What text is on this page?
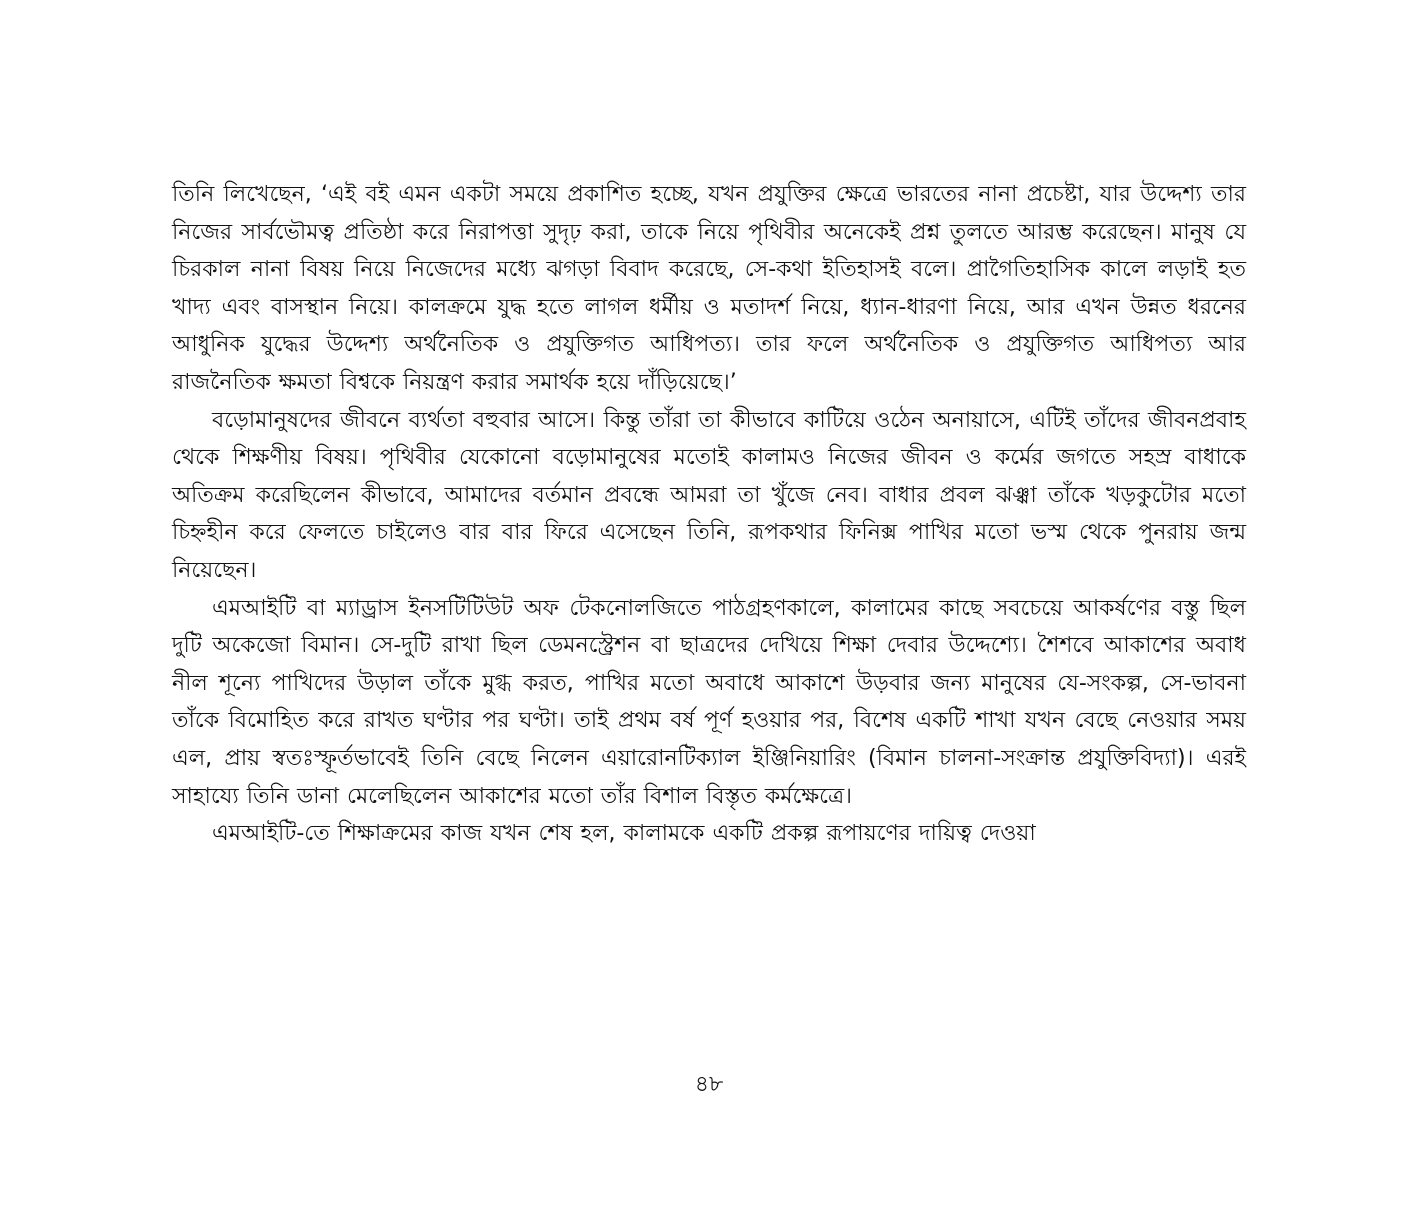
তিনি লিখেছেন, ‘এই বই এমন একটা সময়ে প্রকাশিত হচ্ছে, যখন প্রযুক্তির ক্ষেত্রে ভারতের নানা প্রচেষ্টা, যার উদ্দেশ্য তার নিজের সার্বভৌমত্ব প্রতিষ্ঠা করে নিরাপত্তা সুদৃঢ় করা, তাকে নিয়ে পৃথিবীর অনেকেই প্রশ্ন তুলতে আরম্ভ করেছেন। মানুষ যে চিরকাল নানা বিষয় নিয়ে নিজেদের মধ্যে ঝগড়া বিবাদ করেছে, সে-কথা ইতিহাসই বলে। প্রাগৈতিহাসিক কালে লড়াই হত খাদ্য এবং বাসস্থান নিয়ে। কালক্রমে যুদ্ধ হতে লাগল ধর্মীয় ও মতাদর্শ নিয়ে, ধ্যান-ধারণা নিয়ে, আর এখন উন্নত ধরনের আধুনিক যুদ্ধের উদ্দেশ্য অর্থনৈতিক ও প্রযুক্তিগত আধিপত্য। তার ফলে অর্থনৈতিক ও প্রযুক্তিগত আধিপত্য আর রাজনৈতিক ক্ষমতা বিশ্বকে নিয়ন্ত্রণ করার সমার্থক হয়ে দাঁড়িয়েছে।’

বড়োমানুষদের জীবনে ব্যর্থতা বহুবার আসে। কিন্তু তাঁরা তা কীভাবে কাটিয়ে ওঠেন অনায়াসে, এটিই তাঁদের জীবনপ্রবাহ থেকে শিক্ষণীয় বিষয়। পৃথিবীর যেকোনো বড়োমানুষের মতোই কালামও নিজের জীবন ও কর্মের জগতে সহস্র বাধাকে অতিক্রম করেছিলেন কীভাবে, আমাদের বর্তমান প্রবন্ধে আমরা তা খুঁজে নেব। বাধার প্রবল ঝঞ্ঝা তাঁকে খড়কুটোর মতো চিহ্নহীন করে ফেলতে চাইলেও বার বার ফিরে এসেছেন তিনি, রূপকথার ফিনিক্স পাখির মতো ভস্ম থেকে পুনরায় জন্ম নিয়েছেন।

এমআইটি বা ম্যাড্রাস ইনসটিটিউট অফ টেকনোলজিতে পাঠগ্রহণকালে, কালামের কাছে সবচেয়ে আকর্ষণের বস্তু ছিল দুটি অকেজো বিমান। সে-দুটি রাখা ছিল ডেমনস্ট্রেশন বা ছাত্রদের দেখিয়ে শিক্ষা দেবার উদ্দেশ্যে। শৈশবে আকাশের অবাধ নীল শূন্যে পাখিদের উড়াল তাঁকে মুগ্ধ করত, পাখির মতো অবাধে আকাশে উড়বার জন্য মানুষের যে-সংকল্প, সে-ভাবনা তাঁকে বিমোহিত করে রাখত ঘণ্টার পর ঘণ্টা। তাই প্রথম বর্ষ পূর্ণ হওয়ার পর, বিশেষ একটি শাখা যখন বেছে নেওয়ার সময় এল, প্রায় স্বতঃস্ফূর্তভাবেই তিনি বেছে নিলেন এয়ারোনটিক্যাল ইঞ্জিনিয়ারিং (বিমান চালনা-সংক্রান্ত প্রযুক্তিবিদ্যা)। এরই সাহায্যে তিনি ডানা মেলেছিলেন আকাশের মতো তাঁর বিশাল বিস্তৃত কর্মক্ষেত্রে।

এমআইটি-তে শিক্ষাক্রমের কাজ যখন শেষ হল, কালামকে একটি প্রকল্প রূপায়ণের দায়িত্ব দেওয়া

৪৮
